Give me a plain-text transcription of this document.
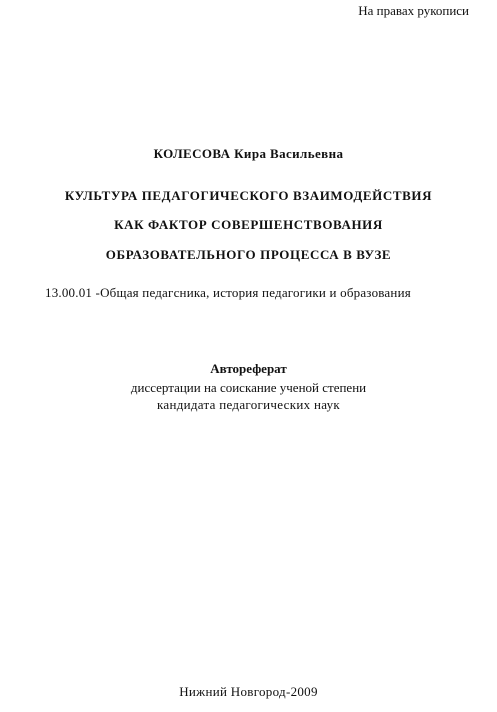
На правах рукописи
КОЛЕСОВА Кира Васильевна
КУЛЬТУРА ПЕДАГОГИЧЕСКОГО ВЗАИМОДЕЙСТВИЯ
КАК ФАКТОР СОВЕРШЕНСТВОВАНИЯ
ОБРАЗОВАТЕЛЬНОГО ПРОЦЕССА В ВУЗЕ
13.00.01 -Общая педагсника, история педагогики и образования
Автореферат
диссертации на соискание ученой степени
кандидата педагогических наук
Нижний Новгород-2009
